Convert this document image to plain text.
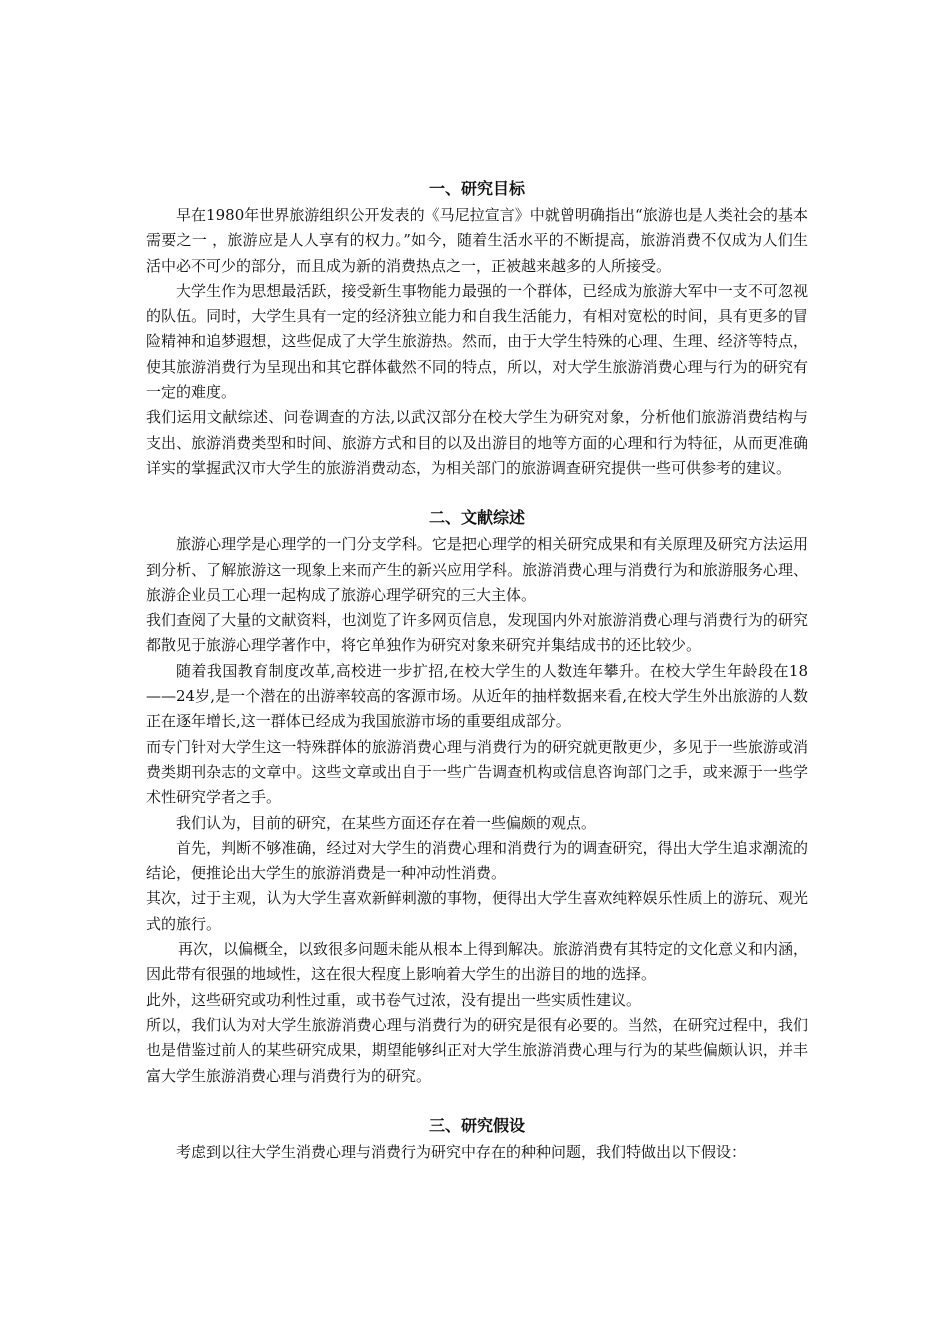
一、研究目标

早在1980年世界旅游组织公开发表的《马尼拉宣言》中就曾明确指出“旅游也是人类社会的基本需要之一 ，旅游应是人人享有的权力。”如今，随着生活水平的不断提高，旅游消费不仅成为人们生活中必不可少的部分，而且成为新的消费热点之一，正被越来越多的人所接受。

大学生作为思想最活跃，接受新生事物能力最强的一个群体，已经成为旅游大军中一支不可忽视的队伍。同时，大学生具有一定的经济独立能力和自我生活能力，有相对宽松的时间，具有更多的冒险精神和追梦遐想，这些促成了大学生旅游热。然而，由于大学生特殊的心理、生理、经济等特点，使其旅游消费行为呈现出和其它群体截然不同的特点，所以，对大学生旅游消费心理与行为的研究有一定的难度。

我们运用文献综述、问卷调查的方法,以武汉部分在校大学生为研究对象，分析他们旅游消费结构与支出、旅游消费类型和时间、旅游方式和目的以及出游目的地等方面的心理和行为特征，从而更准确详实的掌握武汉市大学生的旅游消费动态，为相关部门的旅游调查研究提供一些可供参考的建议。

二、文献综述

旅游心理学是心理学的一门分支学科。它是把心理学的相关研究成果和有关原理及研究方法运用到分析、了解旅游这一现象上来而产生的新兴应用学科。旅游消费心理与消费行为和旅游服务心理、旅游企业员工心理一起构成了旅游心理学研究的三大主体。

我们查阅了大量的文献资料，也浏览了许多网页信息，发现国内外对旅游消费心理与消费行为的研究都散见于旅游心理学著作中，将它单独作为研究对象来研究并集结成书的还比较少。

随着我国教育制度改革,高校进一步扩招,在校大学生的人数连年攀升。在校大学生年龄段在18——24岁,是一个潜在的出游率较高的客源市场。从近年的抽样数据来看,在校大学生外出旅游的人数正在逐年增长,这一群体已经成为我国旅游市场的重要组成部分。

而专门针对大学生这一特殊群体的旅游消费心理与消费行为的研究就更散更少，多见于一些旅游或消费类期刊杂志的文章中。这些文章或出自于一些广告调查机构或信息咨询部门之手，或来源于一些学术性研究学者之手。

我们认为，目前的研究，在某些方面还存在着一些偏颇的观点。

首先，判断不够准确，经过对大学生的消费心理和消费行为的调查研究，得出大学生追求潮流的结论，便推论出大学生的旅游消费是一种冲动性消费。

其次，过于主观，认为大学生喜欢新鲜刺激的事物，便得出大学生喜欢纯粹娱乐性质上的游玩、观光式的旅行。

再次，以偏概全，以致很多问题未能从根本上得到解决。旅游消费有其特定的文化意义和内涵，因此带有很强的地域性，这在很大程度上影响着大学生的出游目的地的选择。

此外，这些研究或功利性过重，或书卷气过浓，没有提出一些实质性建议。

所以，我们认为对大学生旅游消费心理与消费行为的研究是很有必要的。当然，在研究过程中，我们也是借鉴过前人的某些研究成果，期望能够纠正对大学生旅游消费心理与行为的某些偏颇认识，并丰富大学生旅游消费心理与消费行为的研究。

三、研究假设

考虑到以往大学生消费心理与消费行为研究中存在的种种问题，我们特做出以下假设：
